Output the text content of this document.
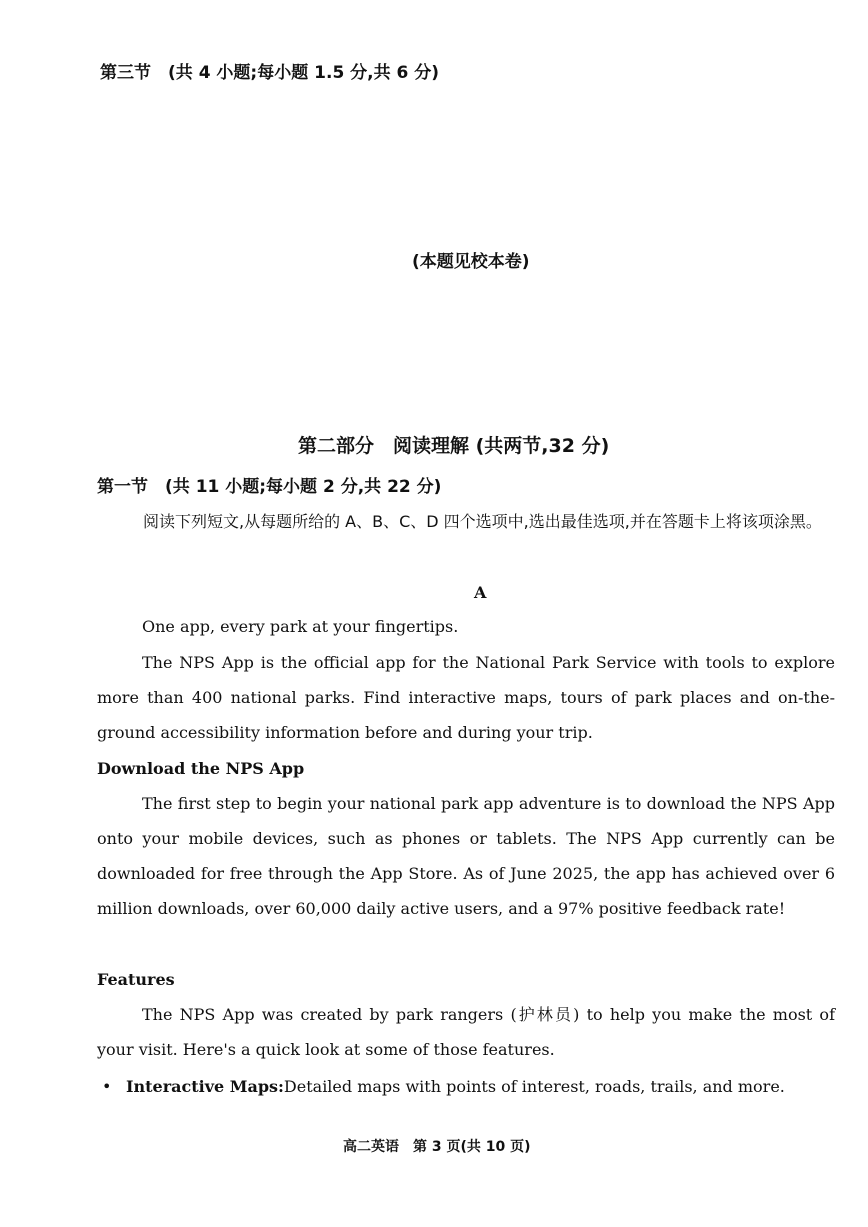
第三节　(共 4 小题;每小题 1.5 分,共 6 分)
(本题见校本卷)
第二部分　阅读理解 (共两节,32 分)
第一节　(共 11 小题;每小题 2 分,共 22 分)
阅读下列短文,从每题所给的 A、B、C、D 四个选项中,选出最佳选项,并在答题卡上将该项涂黑。
A
One app, every park at your fingertips.
The NPS App is the official app for the National Park Service with tools to explore more than 400 national parks. Find interactive maps, tours of park places and on-the-ground accessibility information before and during your trip.
Download the NPS App
The first step to begin your national park app adventure is to download the NPS App onto your mobile devices, such as phones or tablets. The NPS App currently can be downloaded for free through the App Store. As of June 2025, the app has achieved over 6 million downloads, over 60,000 daily active users, and a 97% positive feedback rate!
Features
The NPS App was created by park rangers (护林员) to help you make the most of your visit. Here's a quick look at some of those features.
• Interactive Maps:Detailed maps with points of interest, roads, trails, and more.
高二英语　第 3 页(共 10 页)
